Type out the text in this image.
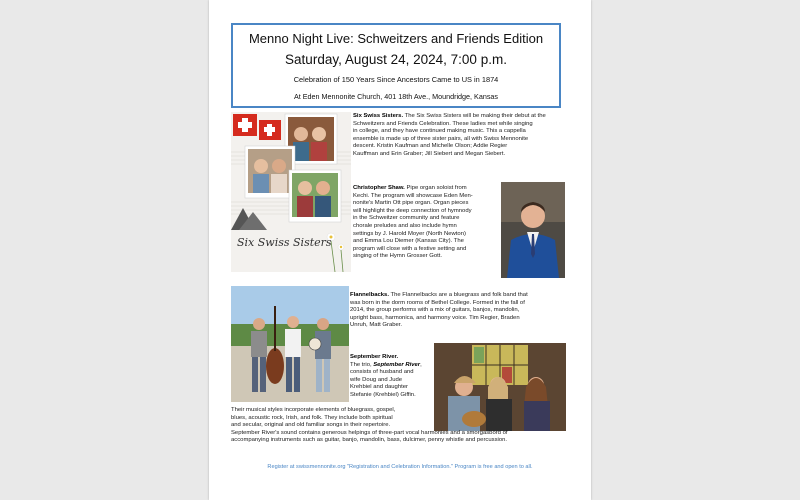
Menno Night Live: Schweitzers and Friends Edition
Saturday, August 24, 2024, 7:00 p.m.
Celebration of 150 Years Since Ancestors Came to US in 1874
At Eden Mennonite Church, 401 18th Ave., Moundridge, Kansas
Six Swiss Sisters
Six Swiss Sisters. The Six Swiss Sisters will be making their debut at the
Schweitzers and Friends Celebration. These ladies met while singing
in college, and they have continued making music. This a cappella
ensemble is made up of three sister pairs, all with Swiss Mennonite
descent. Kristin Kaufman and Michelle Olson; Addie Regier
Kauffman and Erin Graber; Jill Siebert and Megan Siebert.
Christopher Shaw. Pipe organ soloist from
Kechi. The program will showcase Eden Men-
nonite's Martin Ott pipe organ. Organ pieces
will highlight the deep connection of hymnody
in the Schweitzer community and feature
chorale preludes and also include hymn
settings by J. Harold Moyer (North Newton)
and Emma Lou Diemer (Kansas City). The
program will close with a festive setting and
singing of the Hymn Grosser Gott.
Flannelbacks. The Flannelbacks are a bluegrass and folk band that
was born in the dorm rooms of Bethel College. Formed in the fall of
2014, the group performs with a mix of guitars, banjos, mandolin,
upright bass, harmonica, and harmony voice. Tim Regier, Braden
Unruh, Matt Graber.
September River.
The trio, September River,
consists of husband and
wife Doug and Jude
Krehbiel and daughter
Stefanie (Krehbiel) Giffin.
Their musical styles incorporate elements of bluegrass, gospel,
blues, acoustic rock, Irish, and folk. They include both spiritual
and secular, original and old familiar songs in their repertoire.
September River's sound contains generous helpings of three-part vocal harmonies and a smorgasbord of
accompanying instruments such as guitar, banjo, mandolin, bass, dulcimer, penny whistle and percussion.
Register at swissmennonite.org "Registration and Celebration Information." Program is free and open to all.
